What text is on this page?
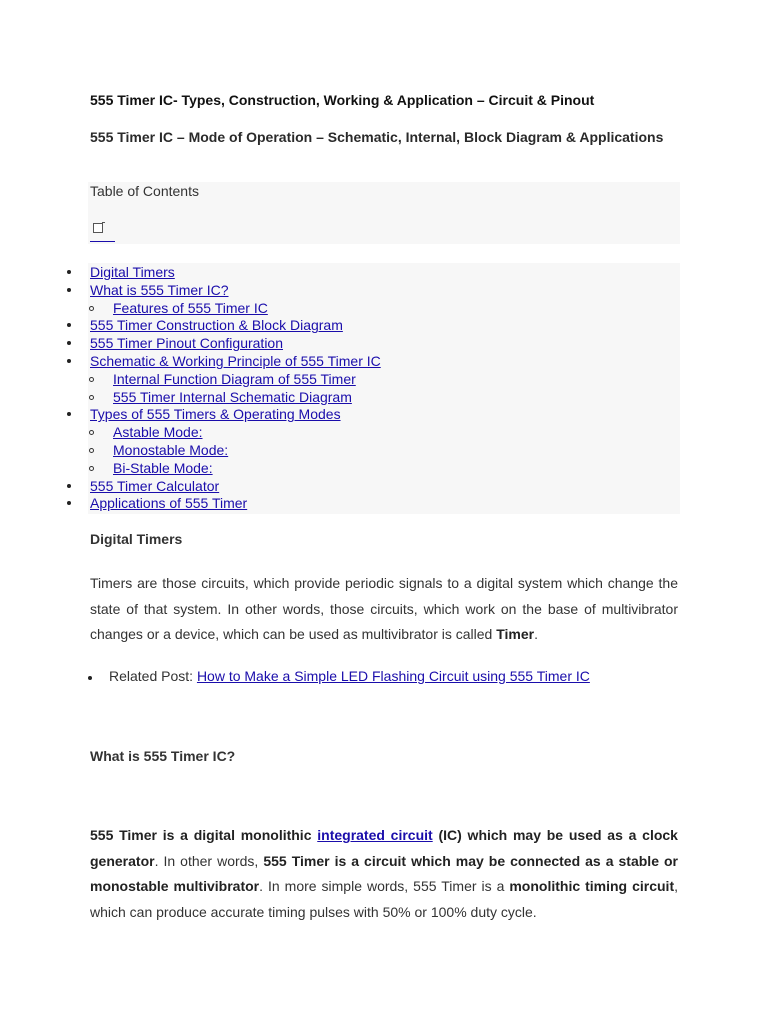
555 Timer IC- Types, Construction, Working & Application – Circuit & Pinout
555 Timer IC – Mode of Operation – Schematic, Internal, Block Diagram & Applications
Table of Contents
Digital Timers
What is 555 Timer IC?
Features of 555 Timer IC
555 Timer Construction & Block Diagram
555 Timer Pinout Configuration
Schematic & Working Principle of 555 Timer IC
Internal Function Diagram of 555 Timer
555 Timer Internal Schematic Diagram
Types of 555 Timers & Operating Modes
Astable Mode:
Monostable Mode:
Bi-Stable Mode:
555 Timer Calculator
Applications of 555 Timer
Digital Timers
Timers are those circuits, which provide periodic signals to a digital system which change the state of that system. In other words, those circuits, which work on the base of multivibrator changes or a device, which can be used as multivibrator is called Timer.
Related Post: How to Make a Simple LED Flashing Circuit using 555 Timer IC
What is 555 Timer IC?
555 Timer is a digital monolithic integrated circuit (IC) which may be used as a clock generator. In other words, 555 Timer is a circuit which may be connected as a stable or monostable multivibrator. In more simple words, 555 Timer is a monolithic timing circuit, which can produce accurate timing pulses with 50% or 100% duty cycle.
